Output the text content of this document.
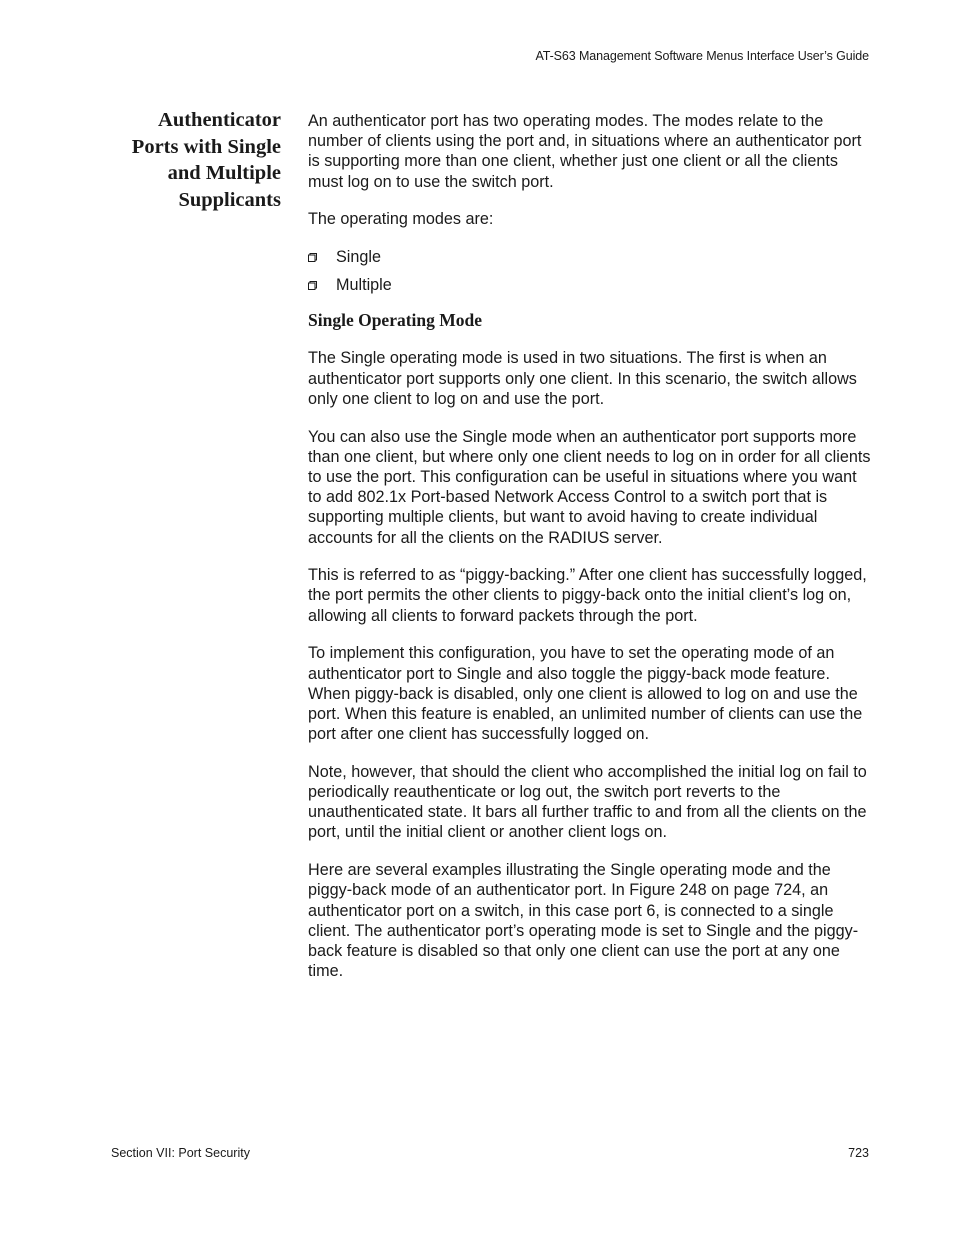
AT-S63 Management Software Menus Interface User’s Guide
Authenticator
Ports with Single
and Multiple
Supplicants

An authenticator port has two operating modes. The modes relate to the number of clients using the port and, in situations where an authenticator port is supporting more than one client, whether just one client or all the clients must log on to use the switch port.

The operating modes are:

Single
Multiple
Single Operating Mode

The Single operating mode is used in two situations. The first is when an authenticator port supports only one client. In this scenario, the switch allows only one client to log on and use the port.

You can also use the Single mode when an authenticator port supports more than one client, but where only one client needs to log on in order for all clients to use the port. This configuration can be useful in situations where you want to add 802.1x Port-based Network Access Control to a switch port that is supporting multiple clients, but want to avoid having to create individual accounts for all the clients on the RADIUS server.

This is referred to as “piggy-backing.” After one client has successfully logged, the port permits the other clients to piggy-back onto the initial client’s log on, allowing all clients to forward packets through the port.

To implement this configuration, you have to set the operating mode of an authenticator port to Single and also toggle the piggy-back mode feature. When piggy-back is disabled, only one client is allowed to log on and use the port. When this feature is enabled, an unlimited number of clients can use the port after one client has successfully logged on.

Note, however, that should the client who accomplished the initial log on fail to periodically reauthenticate or log out, the switch port reverts to the unauthenticated state. It bars all further traffic to and from all the clients on the port, until the initial client or another client logs on.

Here are several examples illustrating the Single operating mode and the piggy-back mode of an authenticator port. In Figure 248 on page 724, an authenticator port on a switch, in this case port 6, is connected to a single client. The authenticator port’s operating mode is set to Single and the piggy-back feature is disabled so that only one client can use the port at any one time.

Section VII: Port Security	723
